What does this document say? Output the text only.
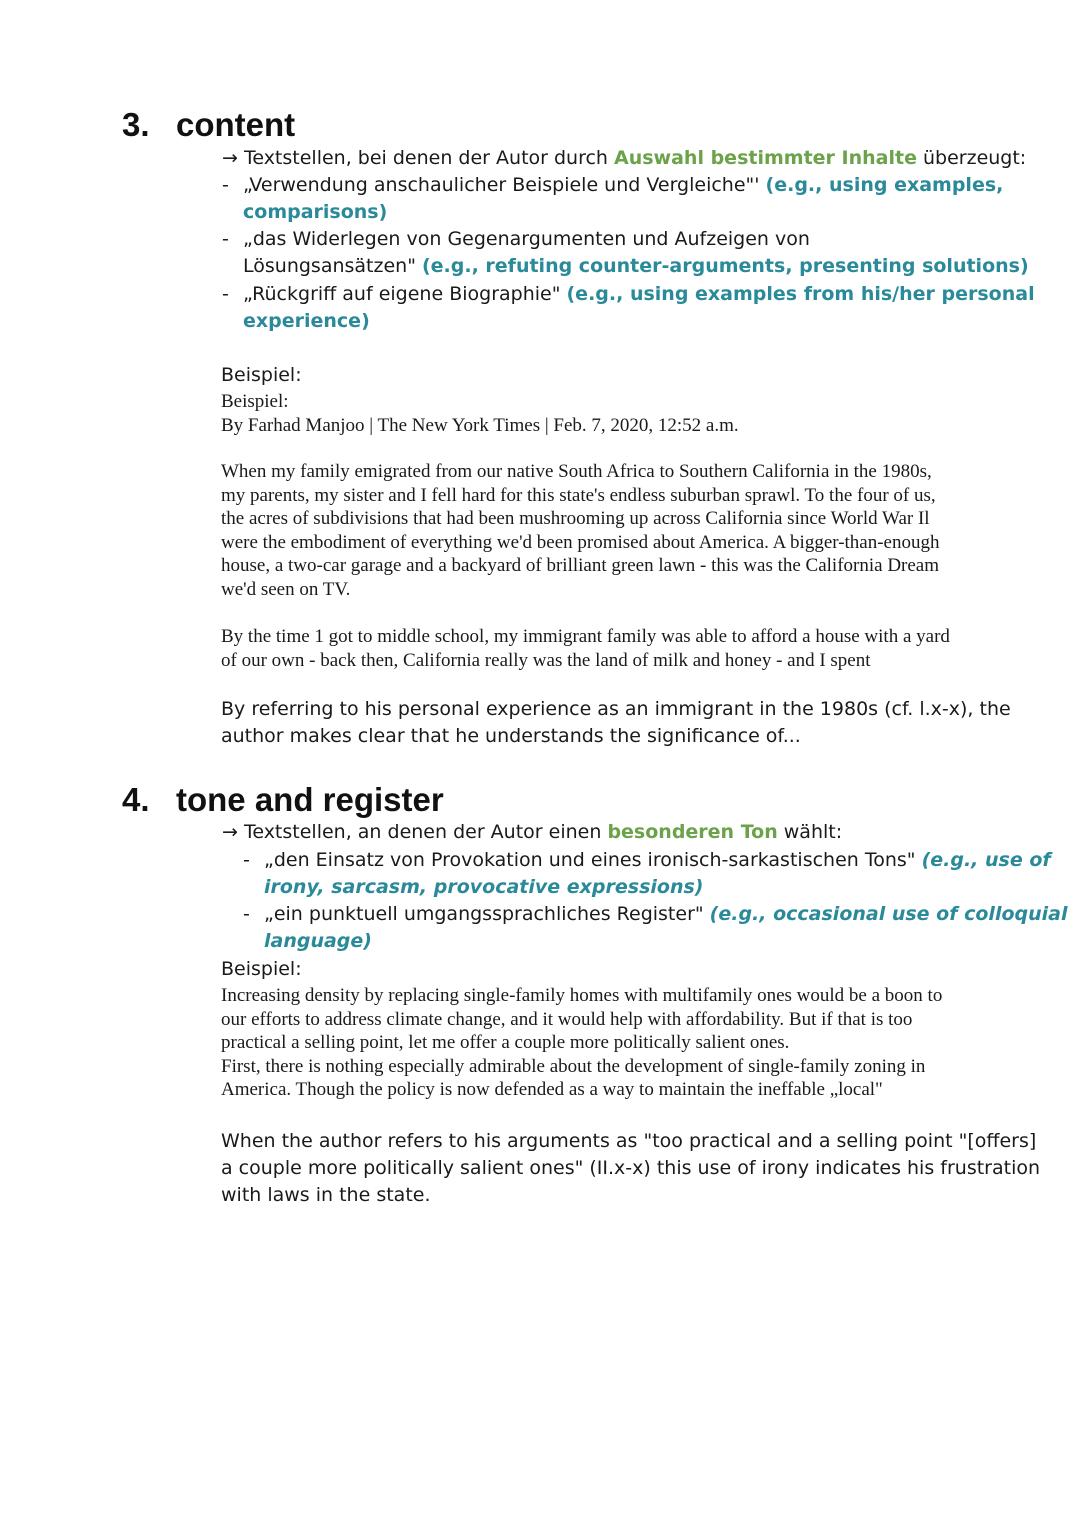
3. content
→ Textstellen, bei denen der Autor durch Auswahl bestimmter Inhalte überzeugt:
- „Verwendung anschaulicher Beispiele und Vergleiche"' (e.g., using examples,
comparisons)
- „das Widerlegen von Gegenargumenten und Aufzeigen von
Lösungsansätzen" (e.g., refuting counter-arguments, presenting solutions)
- „Rückgriff auf eigene Biographie" (e.g., using examples from his/her personal
experience)
Beispiel:
Beispiel:
By Farhad Manjoo | The New York Times | Feb. 7, 2020, 12:52 a.m.
When my family emigrated from our native South Africa to Southern California in the 1980s,
my parents, my sister and I fell hard for this state's endless suburban sprawl. To the four of us,
the acres of subdivisions that had been mushrooming up across California since World War Il
were the embodiment of everything we'd been promised about America. A bigger-than-enough
house, a two-car garage and a backyard of brilliant green lawn - this was the California Dream
we'd seen on TV.
By the time 1 got to middle school, my immigrant family was able to afford a house with a yard
of our own - back then, California really was the land of milk and honey - and I spent
By referring to his personal experience as an immigrant in the 1980s (cf. l.x-x), the
author makes clear that he understands the significance of...
4. tone and register
→ Textstellen, an denen der Autor einen besonderen Ton wählt:
- „den Einsatz von Provokation und eines ironisch-sarkastischen Tons" (e.g., use of
irony, sarcasm, provocative expressions)
- „ein punktuell umgangssprachliches Register" (e.g., occasional use of colloquial
language)
Beispiel:
Increasing density by replacing single-family homes with multifamily ones would be a boon to
our efforts to address climate change, and it would help with affordability. But if that is too
practical a selling point, let me offer a couple more politically salient ones.
First, there is nothing especially admirable about the development of single-family zoning in
America. Though the policy is now defended as a way to maintain the ineffable „local"
When the author refers to his arguments as "too practical and a selling point "[offers]
a couple more politically salient ones" (II.x-x) this use of irony indicates his frustration
with laws in the state.
